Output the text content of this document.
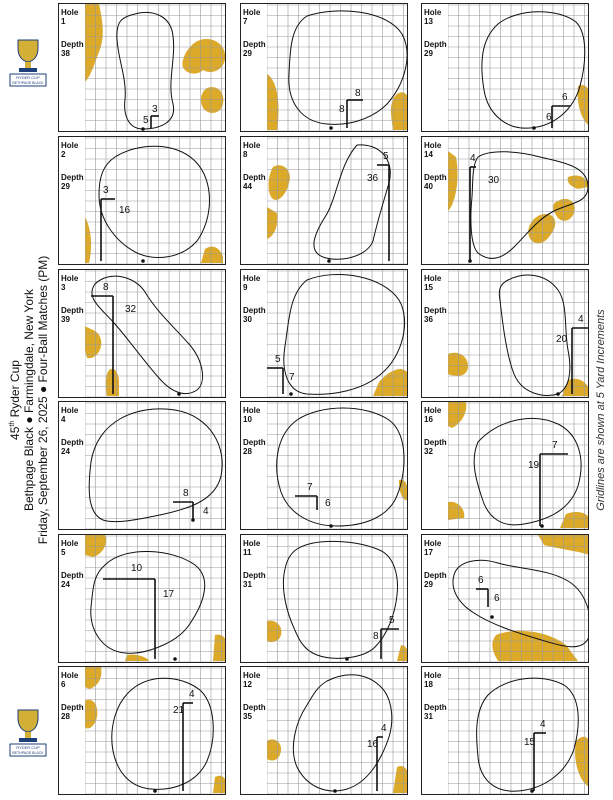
RYDER CUP
BETHPAGE BLACK
45th Ryder Cup Bethpage Black ● Farmingdale, New York Friday, September 26, 2025 ● Four-Ball Matches (PM)
RYDER CUP
BETHPAGE BLACK
Gridlines are shown at 5 Yard Increments
Hole
1
Depth
38
3
5
Hole
7
Depth
29
8
8
Hole
13
Depth
29
6
6
Hole
2
Depth
29	3
16
Hole
8
Depth
44
5
36
Hole
14
Depth
40
4
30
Hole
3
Depth
39
8
32
Hole
9
Depth
30
5
7
Hole
15
Depth
36	4
20
Hole
4
Depth
24
8
4
Hole
10
Depth
28
7
6
Hole
16
Depth
32
7
19
Hole
5
Depth
24
10
17
Hole
11
Depth
31
5
8
Hole
17
Depth
29	6
6
Hole
6
Depth
28
4
21
Hole
12
Depth
35
4
16
Hole
18
Depth
31
4
15
